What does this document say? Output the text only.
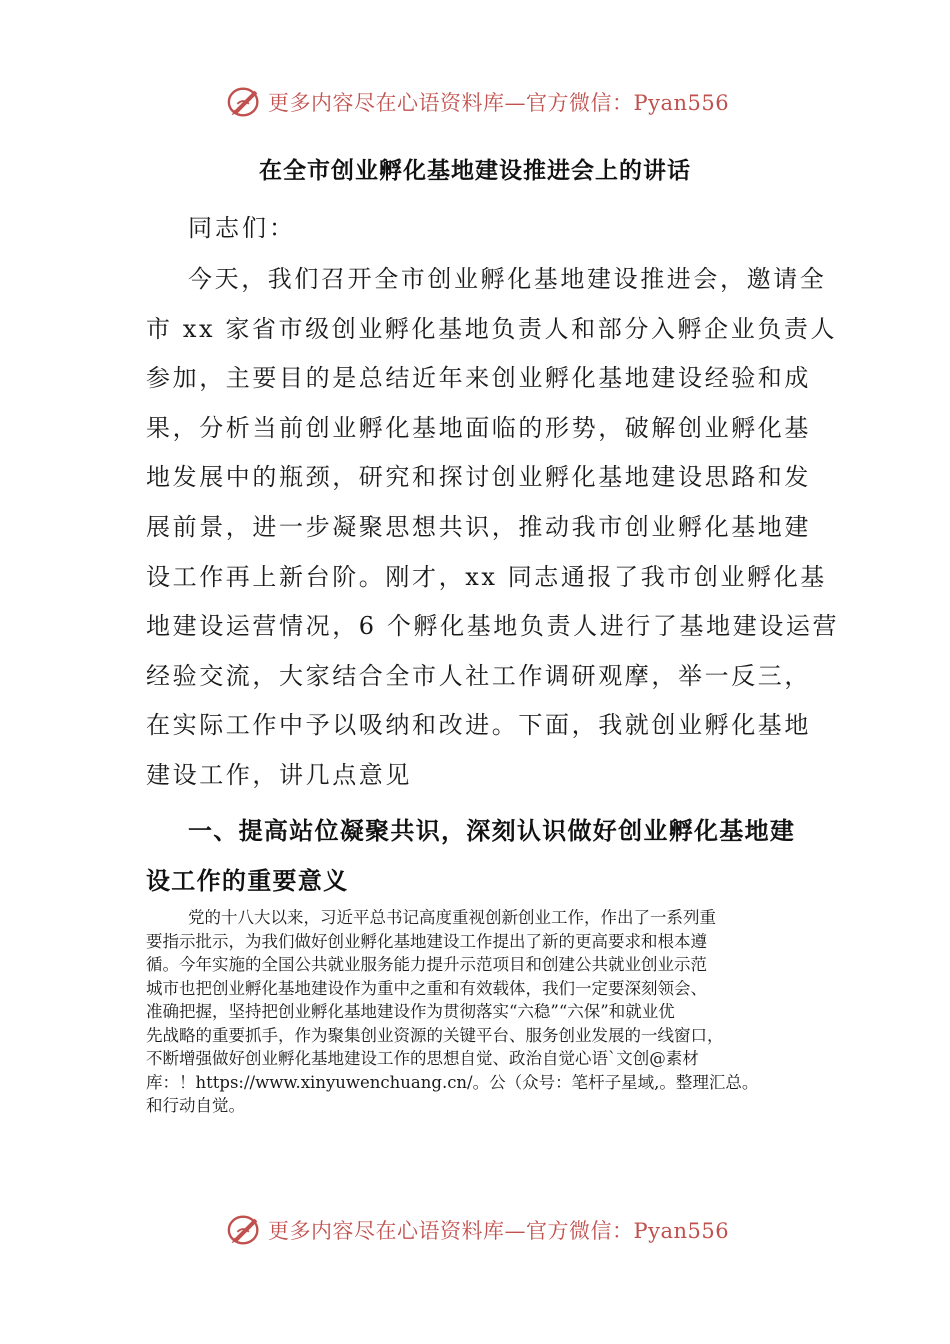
更多内容尽在心语资料库—官方微信：Pyan556
在全市创业孵化基地建设推进会上的讲话
同志们：
今天，我们召开全市创业孵化基地建设推进会，邀请全
市 xx 家省市级创业孵化基地负责人和部分入孵企业负责人
参加，主要目的是总结近年来创业孵化基地建设经验和成
果，分析当前创业孵化基地面临的形势，破解创业孵化基
地发展中的瓶颈，研究和探讨创业孵化基地建设思路和发
展前景，进一步凝聚思想共识，推动我市创业孵化基地建
设工作再上新台阶。刚才，xx 同志通报了我市创业孵化基
地建设运营情况，6 个孵化基地负责人进行了基地建设运营
经验交流，大家结合全市人社工作调研观摩，举一反三，
在实际工作中予以吸纳和改进。下面，我就创业孵化基地
建设工作，讲几点意见
一、提高站位凝聚共识，深刻认识做好创业孵化基地建
设工作的重要意义
党的十八大以来，习近平总书记高度重视创新创业工作，作出了一系列重
要指示批示，为我们做好创业孵化基地建设工作提出了新的更高要求和根本遵
循。今年实施的全国公共就业服务能力提升示范项目和创建公共就业创业示范
城市也把创业孵化基地建设作为重中之重和有效载体，我们一定要深刻领会、
准确把握，坚持把创业孵化基地建设作为贯彻落实“六稳”“六保”和就业优
先战略的重要抓手，作为聚集创业资源的关键平台、服务创业发展的一线窗口，
不断增强做好创业孵化基地建设工作的思想自觉、政治自觉心语`文创@素材
库：！https://www.xinyuwenchuang.cn/。公（众号：笔杆子星域,。整理汇总。
和行动自觉。
更多内容尽在心语资料库—官方微信：Pyan556
